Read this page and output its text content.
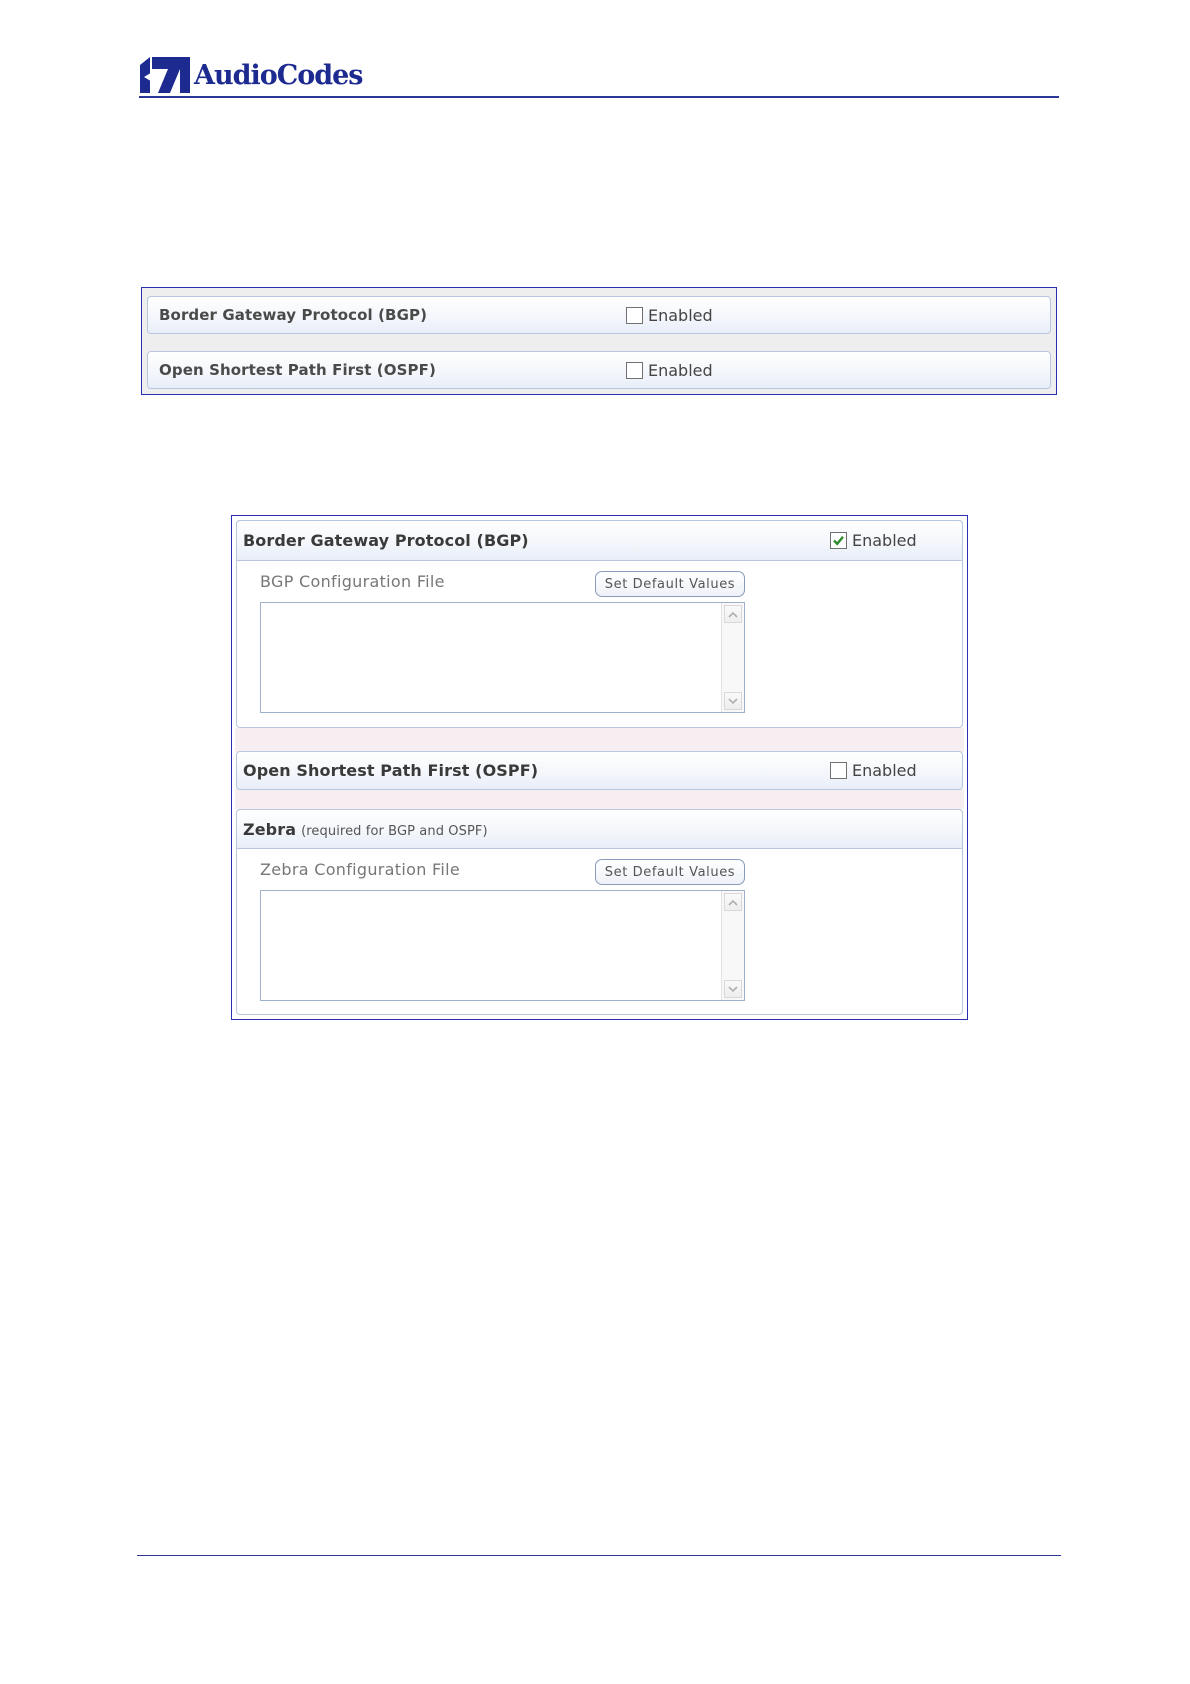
AudioCodes
Border Gateway Protocol (BGP)	Enabled
Open Shortest Path First (OSPF)	Enabled
Border Gateway Protocol (BGP)	Enabled
BGP Configuration File	Set Default Values
Open Shortest Path First (OSPF)	Enabled
Zebra (required for BGP and OSPF)
Zebra Configuration File	Set Default Values
